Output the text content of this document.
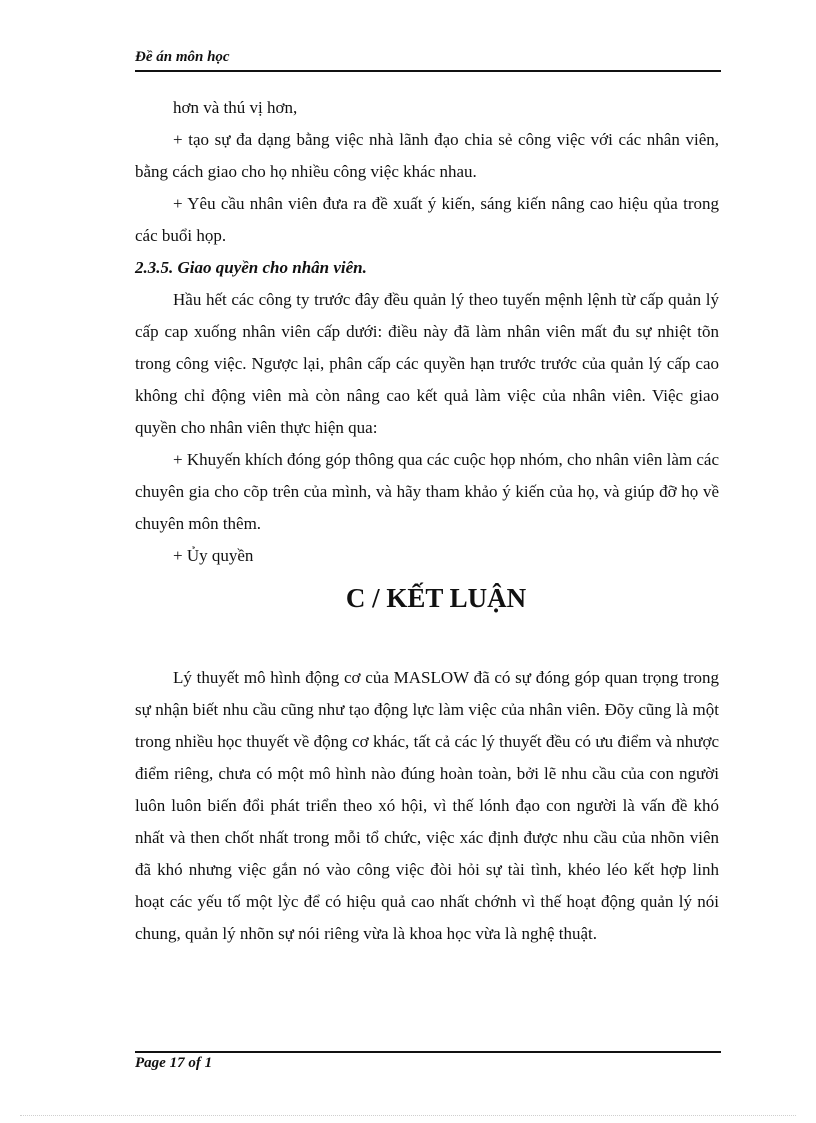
Đề án môn học

hơn và thú vị hơn,

+ tạo sự đa dạng bằng việc nhà lãnh đạo chia sẻ công việc với các nhân viên, bằng cách giao cho họ nhiều công việc khác nhau.

+ Yêu cầu nhân viên đưa ra đề xuất ý kiến, sáng kiến nâng cao hiệu qủa trong các buổi họp.

2.3.5. Giao quyền cho nhân viên.

Hầu hết các công ty trước đây đều quản lý theo tuyến mệnh lệnh từ cấp quản lý cấp cap xuống nhân viên cấp dưới: điều này đã làm nhân viên mất đu sự nhiệt tõn trong công việc. Ngược lại, phân cấp các quyền hạn trước trước của quản lý cấp cao không chỉ động viên mà còn nâng cao kết quả làm việc của nhân viên. Việc giao quyền cho nhân viên thực hiện qua:

+ Khuyến khích đóng góp thông qua các cuộc họp nhóm, cho nhân viên làm các chuyên gia cho cõp trên của mình, và hãy tham khảo ý kiến của họ, và giúp đỡ họ về chuyên môn thêm.

+ Ủy quyền

C / KẾT LUẬN

Lý thuyết mô hình động cơ của MASLOW đã có sự đóng góp quan trọng trong sự nhận biết nhu cầu cũng như tạo động lực làm việc của nhân viên. Đõy cũng là một trong nhiều học thuyết về động cơ khác, tất cả các lý thuyết đều có ưu điểm và nhược điểm riêng, chưa có một mô hình nào đúng hoàn toàn, bởi lẽ nhu cầu của con người luôn luôn biến đổi phát triển theo xó hội, vì thế lónh đạo con người là vấn đề khó nhất và then chốt nhất trong mỗi tổ chức, việc xác định được nhu cầu của nhõn viên đã khó nhưng việc gắn nó vào công việc đòi hỏi sự tài tình, khéo léo kết hợp linh hoạt các yếu tố một lỳc để có hiệu quả cao nhất chớnh vì thế hoạt động quản lý nói chung, quản lý nhõn sự nói riêng vừa là khoa học vừa là nghệ thuật.

Page 17 of 1
